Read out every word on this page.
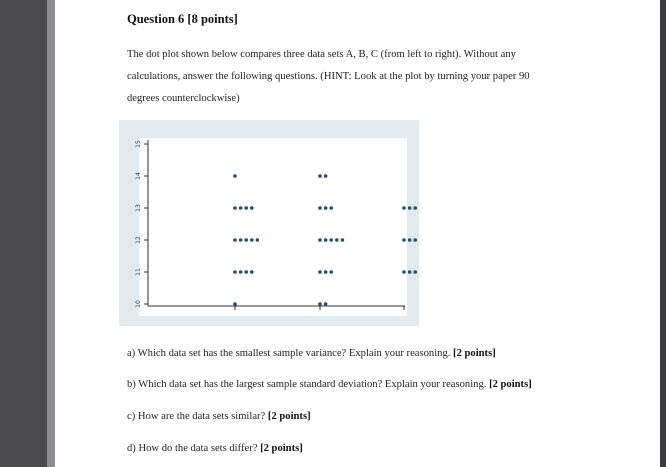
Question 6 [8 points]
The dot plot shown below compares three data sets A, B, C (from left to right). Without any
calculations, answer the following questions. (HINT: Look at the plot by turning your paper 90
degrees counterclockwise)
10
11
12
13
14
15
a) Which data set has the smallest sample variance? Explain your reasoning. [2 points]
b) Which data set has the largest sample standard deviation? Explain your reasoning. [2 points]
c) How are the data sets similar? [2 points]
d) How do the data sets differ? [2 points]
